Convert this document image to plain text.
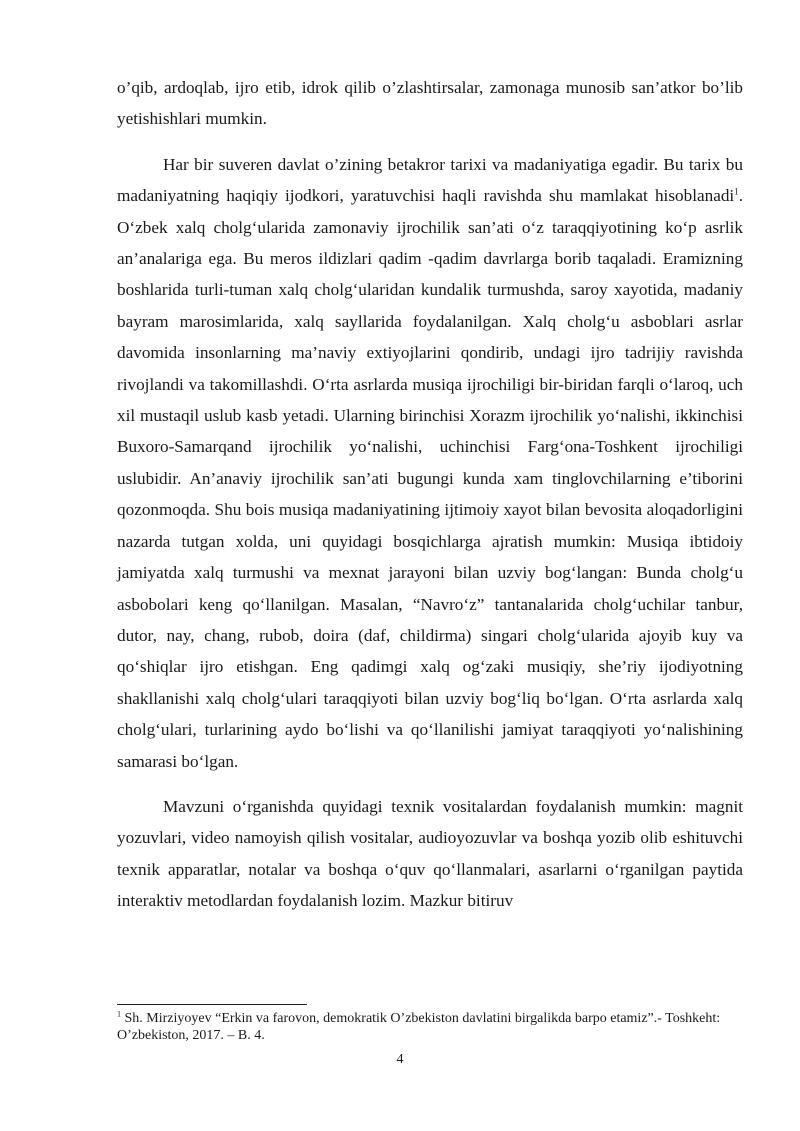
o’qib, ardoqlab, ijro etib, idrok qilib o’zlashtirsalar, zamonaga munosib san’atkor bo’lib yetishishlari mumkin.

Har bir suveren davlat o’zining betakror tarixi va madaniyatiga egadir. Bu tarix bu madaniyatning haqiqiy ijodkori, yaratuvchisi haqli ravishda shu mamlakat hisoblanadi$^1$. O‘zbek xalq cholg‘ularida zamonaviy ijrochilik san’ati o‘z taraqqiyotining ko‘p asrlik an’analariga ega. Bu meros ildizlari qadim -qadim davrlarga borib taqaladi. Eramizning boshlarida turli-tuman xalq cholg‘ularidan kundalik turmushda, saroy xayotida, madaniy bayram marosimlarida, xalq sayllarida foydalanilgan. Xalq cholg‘u asboblari asrlar davomida insonlarning ma’naviy extiyojlarini qondirib, undagi ijro tadrijiy ravishda rivojlandi va takomillashdi. O‘rta asrlarda musiqa ijrochiligi bir-biridan farqli o‘laroq, uch xil mustaqil uslub kasb yetadi. Ularning birinchisi Xorazm ijrochilik yo‘nalishi, ikkinchisi Buxoro-Samarqand ijrochilik yo‘nalishi, uchinchisi Farg‘ona-Toshkent ijrochiligi uslubidir. An’anaviy ijrochilik san’ati bugungi kunda xam tinglovchilarning e’tiborini qozonmoqda. Shu bois musiqa madaniyatining ijtimoiy xayot bilan bevosita aloqadorligini nazarda tutgan xolda, uni quyidagi bosqichlarga ajratish mumkin: Musiqa ibtidoiy jamiyatda xalq turmushi va mexnat jarayoni bilan uzviy bog‘langan: Bunda cholg‘u asbobolari keng qo‘llanilgan. Masalan, “Navro‘z” tantanalarida cholg‘uchilar tanbur, dutor, nay, chang, rubob, doira (daf, childirma) singari cholg‘ularida ajoyib kuy va qo‘shiqlar ijro etishgan. Eng qadimgi xalq og‘zaki musiqiy, she’riy ijodiyotning shakllanishi xalq cholg‘ulari taraqqiyoti bilan uzviy bog‘liq bo‘lgan. O‘rta asrlarda xalq cholg‘ulari, turlarining aydo bo‘lishi va qo‘llanilishi jamiyat taraqqiyoti yo‘nalishining samarasi bo‘lgan.

Mavzuni o‘rganishda quyidagi texnik vositalardan foydalanish mumkin: magnit yozuvlari, video namoyish qilish vositalar, audioyozuvlar va boshqa yozib olib eshituvchi texnik apparatlar, notalar va boshqa o‘quv qo‘llanmalari, asarlarni o‘rganilgan paytida interaktiv metodlardan foydalanish lozim. Mazkur bitiruv

$^1$ Sh. Mirziyoyev “Erkin va farovon, demokratik O’zbekiston davlatini birgalikda barpo etamiz”.- Toshkeht: O’zbekiston, 2017. – B. 4.
4
